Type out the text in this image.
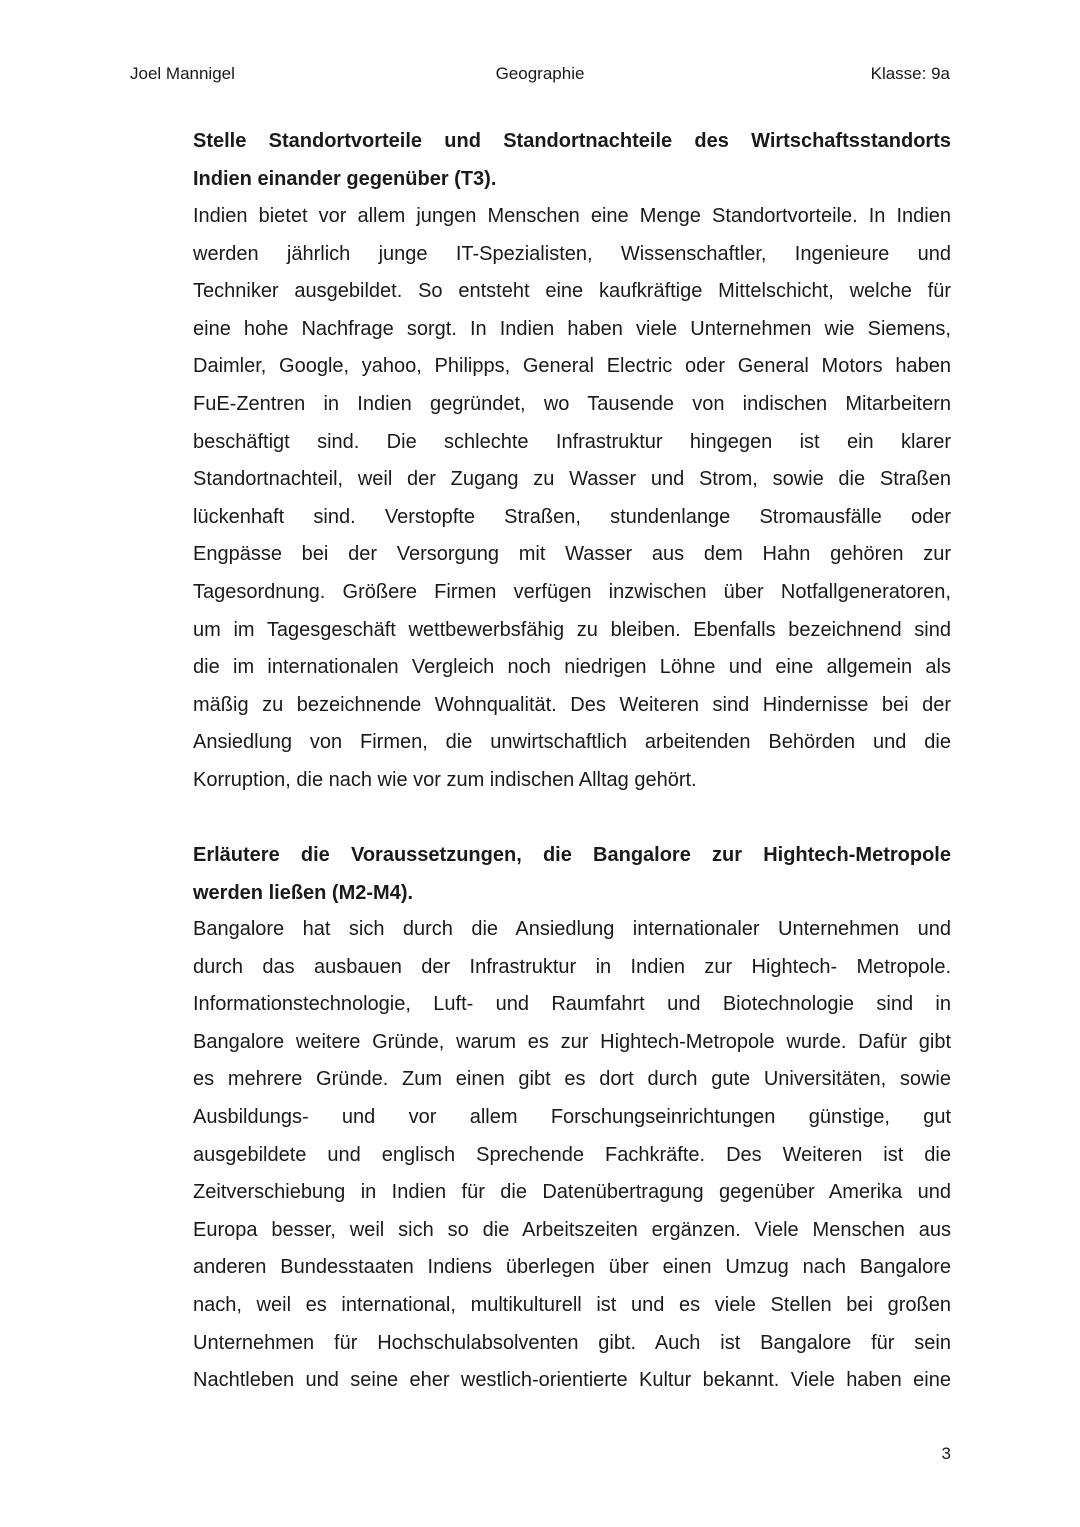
Joel Mannigel	Geographie	Klasse: 9a
Stelle Standortvorteile und Standortnachteile des Wirtschaftsstandorts
Indien einander gegenüber (T3).
Indien bietet vor allem jungen Menschen eine Menge Standortvorteile. In Indien
werden jährlich junge IT-Spezialisten, Wissenschaftler, Ingenieure und
Techniker ausgebildet. So entsteht eine kaufkräftige Mittelschicht, welche für
eine hohe Nachfrage sorgt. In Indien haben viele Unternehmen wie Siemens,
Daimler, Google, yahoo, Philipps, General Electric oder General Motors haben
FuE-Zentren in Indien gegründet, wo Tausende von indischen Mitarbeitern
beschäftigt sind. Die schlechte Infrastruktur hingegen ist ein klarer
Standortnachteil, weil der Zugang zu Wasser und Strom, sowie die Straßen
lückenhaft sind. Verstopfte Straßen, stundenlange Stromausfälle oder
Engpässe bei der Versorgung mit Wasser aus dem Hahn gehören zur
Tagesordnung. Größere Firmen verfügen inzwischen über Notfallgeneratoren,
um im Tagesgeschäft wettbewerbsfähig zu bleiben. Ebenfalls bezeichnend sind
die im internationalen Vergleich noch niedrigen Löhne und eine allgemein als
mäßig zu bezeichnende Wohnqualität. Des Weiteren sind Hindernisse bei der
Ansiedlung von Firmen, die unwirtschaftlich arbeitenden Behörden und die
Korruption, die nach wie vor zum indischen Alltag gehört.
Erläutere die Voraussetzungen, die Bangalore zur Hightech-Metropole
werden ließen (M2-M4).
Bangalore hat sich durch die Ansiedlung internationaler Unternehmen und
durch das ausbauen der Infrastruktur in Indien zur Hightech- Metropole.
Informationstechnologie, Luft- und Raumfahrt und Biotechnologie sind in
Bangalore weitere Gründe, warum es zur Hightech-Metropole wurde. Dafür gibt
es mehrere Gründe. Zum einen gibt es dort durch gute Universitäten, sowie
Ausbildungs- und vor allem Forschungseinrichtungen günstige, gut
ausgebildete und englisch Sprechende Fachkräfte. Des Weiteren ist die
Zeitverschiebung in Indien für die Datenübertragung gegenüber Amerika und
Europa besser, weil sich so die Arbeitszeiten ergänzen. Viele Menschen aus
anderen Bundesstaaten Indiens überlegen über einen Umzug nach Bangalore
nach, weil es international, multikulturell ist und es viele Stellen bei großen
Unternehmen für Hochschulabsolventen gibt. Auch ist Bangalore für sein
Nachtleben und seine eher westlich-orientierte Kultur bekannt. Viele haben eine
3
